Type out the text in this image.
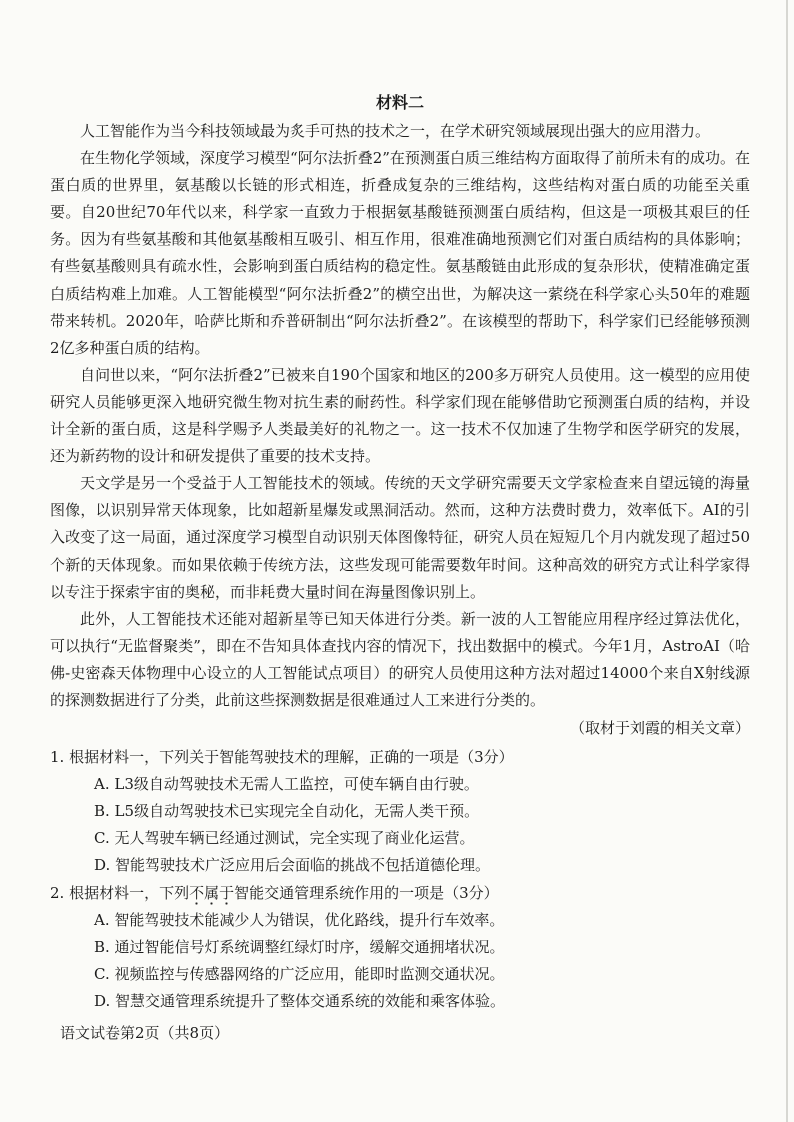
材料二

人工智能作为当今科技领域最为炙手可热的技术之一，在学术研究领域展现出强大的应用潜力。

在生物化学领域，深度学习模型“阿尔法折叠2”在预测蛋白质三维结构方面取得了前所未有的成功。在蛋白质的世界里，氨基酸以长链的形式相连，折叠成复杂的三维结构，这些结构对蛋白质的功能至关重要。自20世纪70年代以来，科学家一直致力于根据氨基酸链预测蛋白质结构，但这是一项极其艰巨的任务。因为有些氨基酸和其他氨基酸相互吸引、相互作用，很难准确地预测它们对蛋白质结构的具体影响；有些氨基酸则具有疏水性，会影响到蛋白质结构的稳定性。氨基酸链由此形成的复杂形状，使精准确定蛋白质结构难上加难。人工智能模型“阿尔法折叠2”的横空出世，为解决这一萦绕在科学家心头50年的难题带来转机。2020年，哈萨比斯和乔普研制出“阿尔法折叠2”。在该模型的帮助下，科学家们已经能够预测2亿多种蛋白质的结构。

自问世以来，“阿尔法折叠2”已被来自190个国家和地区的200多万研究人员使用。这一模型的应用使研究人员能够更深入地研究微生物对抗生素的耐药性。科学家们现在能够借助它预测蛋白质的结构，并设计全新的蛋白质，这是科学赐予人类最美好的礼物之一。这一技术不仅加速了生物学和医学研究的发展，还为新药物的设计和研发提供了重要的技术支持。

天文学是另一个受益于人工智能技术的领域。传统的天文学研究需要天文学家检查来自望远镜的海量图像，以识别异常天体现象，比如超新星爆发或黑洞活动。然而，这种方法费时费力，效率低下。AI的引入改变了这一局面，通过深度学习模型自动识别天体图像特征，研究人员在短短几个月内就发现了超过50个新的天体现象。而如果依赖于传统方法，这些发现可能需要数年时间。这种高效的研究方式让科学家得以专注于探索宇宙的奥秘，而非耗费大量时间在海量图像识别上。

此外，人工智能技术还能对超新星等已知天体进行分类。新一波的人工智能应用程序经过算法优化，可以执行“无监督聚类”，即在不告知具体查找内容的情况下，找出数据中的模式。今年1月，AstroAI（哈佛-史密森天体物理中心设立的人工智能试点项目）的研究人员使用这种方法对超过14000个来自X射线源的探测数据进行了分类，此前这些探测数据是很难通过人工来进行分类的。

（取材于刘霞的相关文章）
1. 根据材料一，下列关于智能驾驶技术的理解，正确的一项是（3分）
A. L3级自动驾驶技术无需人工监控，可使车辆自由行驶。
B. L5级自动驾驶技术已实现完全自动化，无需人类干预。
C. 无人驾驶车辆已经通过测试，完全实现了商业化运营。
D. 智能驾驶技术广泛应用后会面临的挑战不包括道德伦理。
2. 根据材料一，下列不属于智能交通管理系统作用的一项是（3分）
A. 智能驾驶技术能减少人为错误，优化路线，提升行车效率。
B. 通过智能信号灯系统调整红绿灯时序，缓解交通拥堵状况。
C. 视频监控与传感器网络的广泛应用，能即时监测交通状况。
D. 智慧交通管理系统提升了整体交通系统的效能和乘客体验。
语文试卷第2页（共8页）
